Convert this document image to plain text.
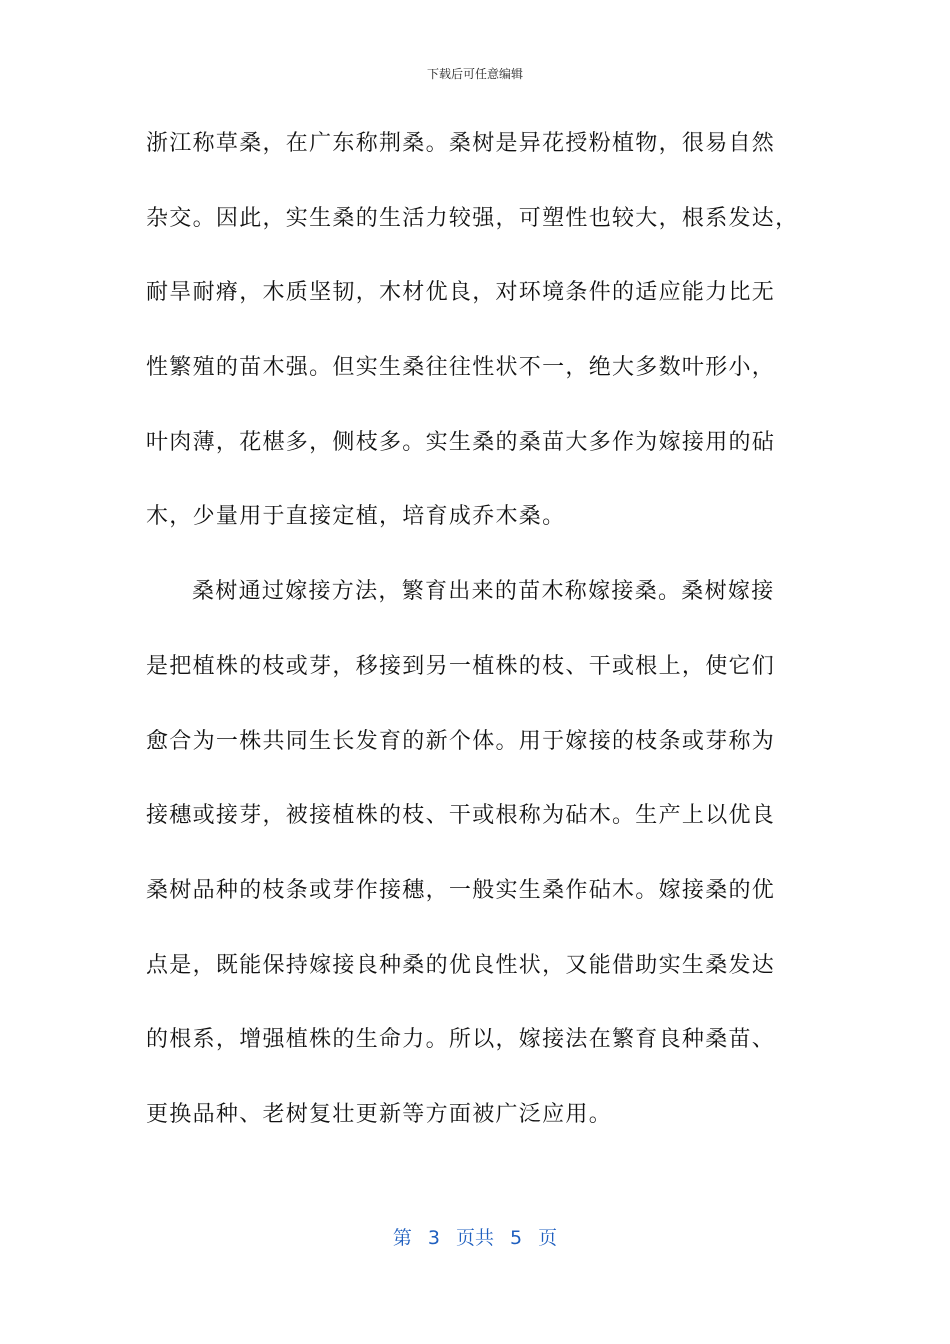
下载后可任意编辑
浙江称草桑，在广东称荆桑。桑树是异花授粉植物，很易自然
杂交。因此，实生桑的生活力较强，可塑性也较大，根系发达，
耐旱耐瘠，木质坚韧，木材优良，对环境条件的适应能力比无
性繁殖的苗木强。但实生桑往往性状不一，绝大多数叶形小，
叶肉薄，花椹多，侧枝多。实生桑的桑苗大多作为嫁接用的砧
木，少量用于直接定植，培育成乔木桑。
桑树通过嫁接方法，繁育出来的苗木称嫁接桑。桑树嫁接
是把植株的枝或芽，移接到另一植株的枝、干或根上，使它们
愈合为一株共同生长发育的新个体。用于嫁接的枝条或芽称为
接穗或接芽，被接植株的枝、干或根称为砧木。生产上以优良
桑树品种的枝条或芽作接穗，一般实生桑作砧木。嫁接桑的优
点是，既能保持嫁接良种桑的优良性状，又能借助实生桑发达
的根系，增强植株的生命力。所以，嫁接法在繁育良种桑苗、
更换品种、老树复壮更新等方面被广泛应用。
第 3 页共 5 页
